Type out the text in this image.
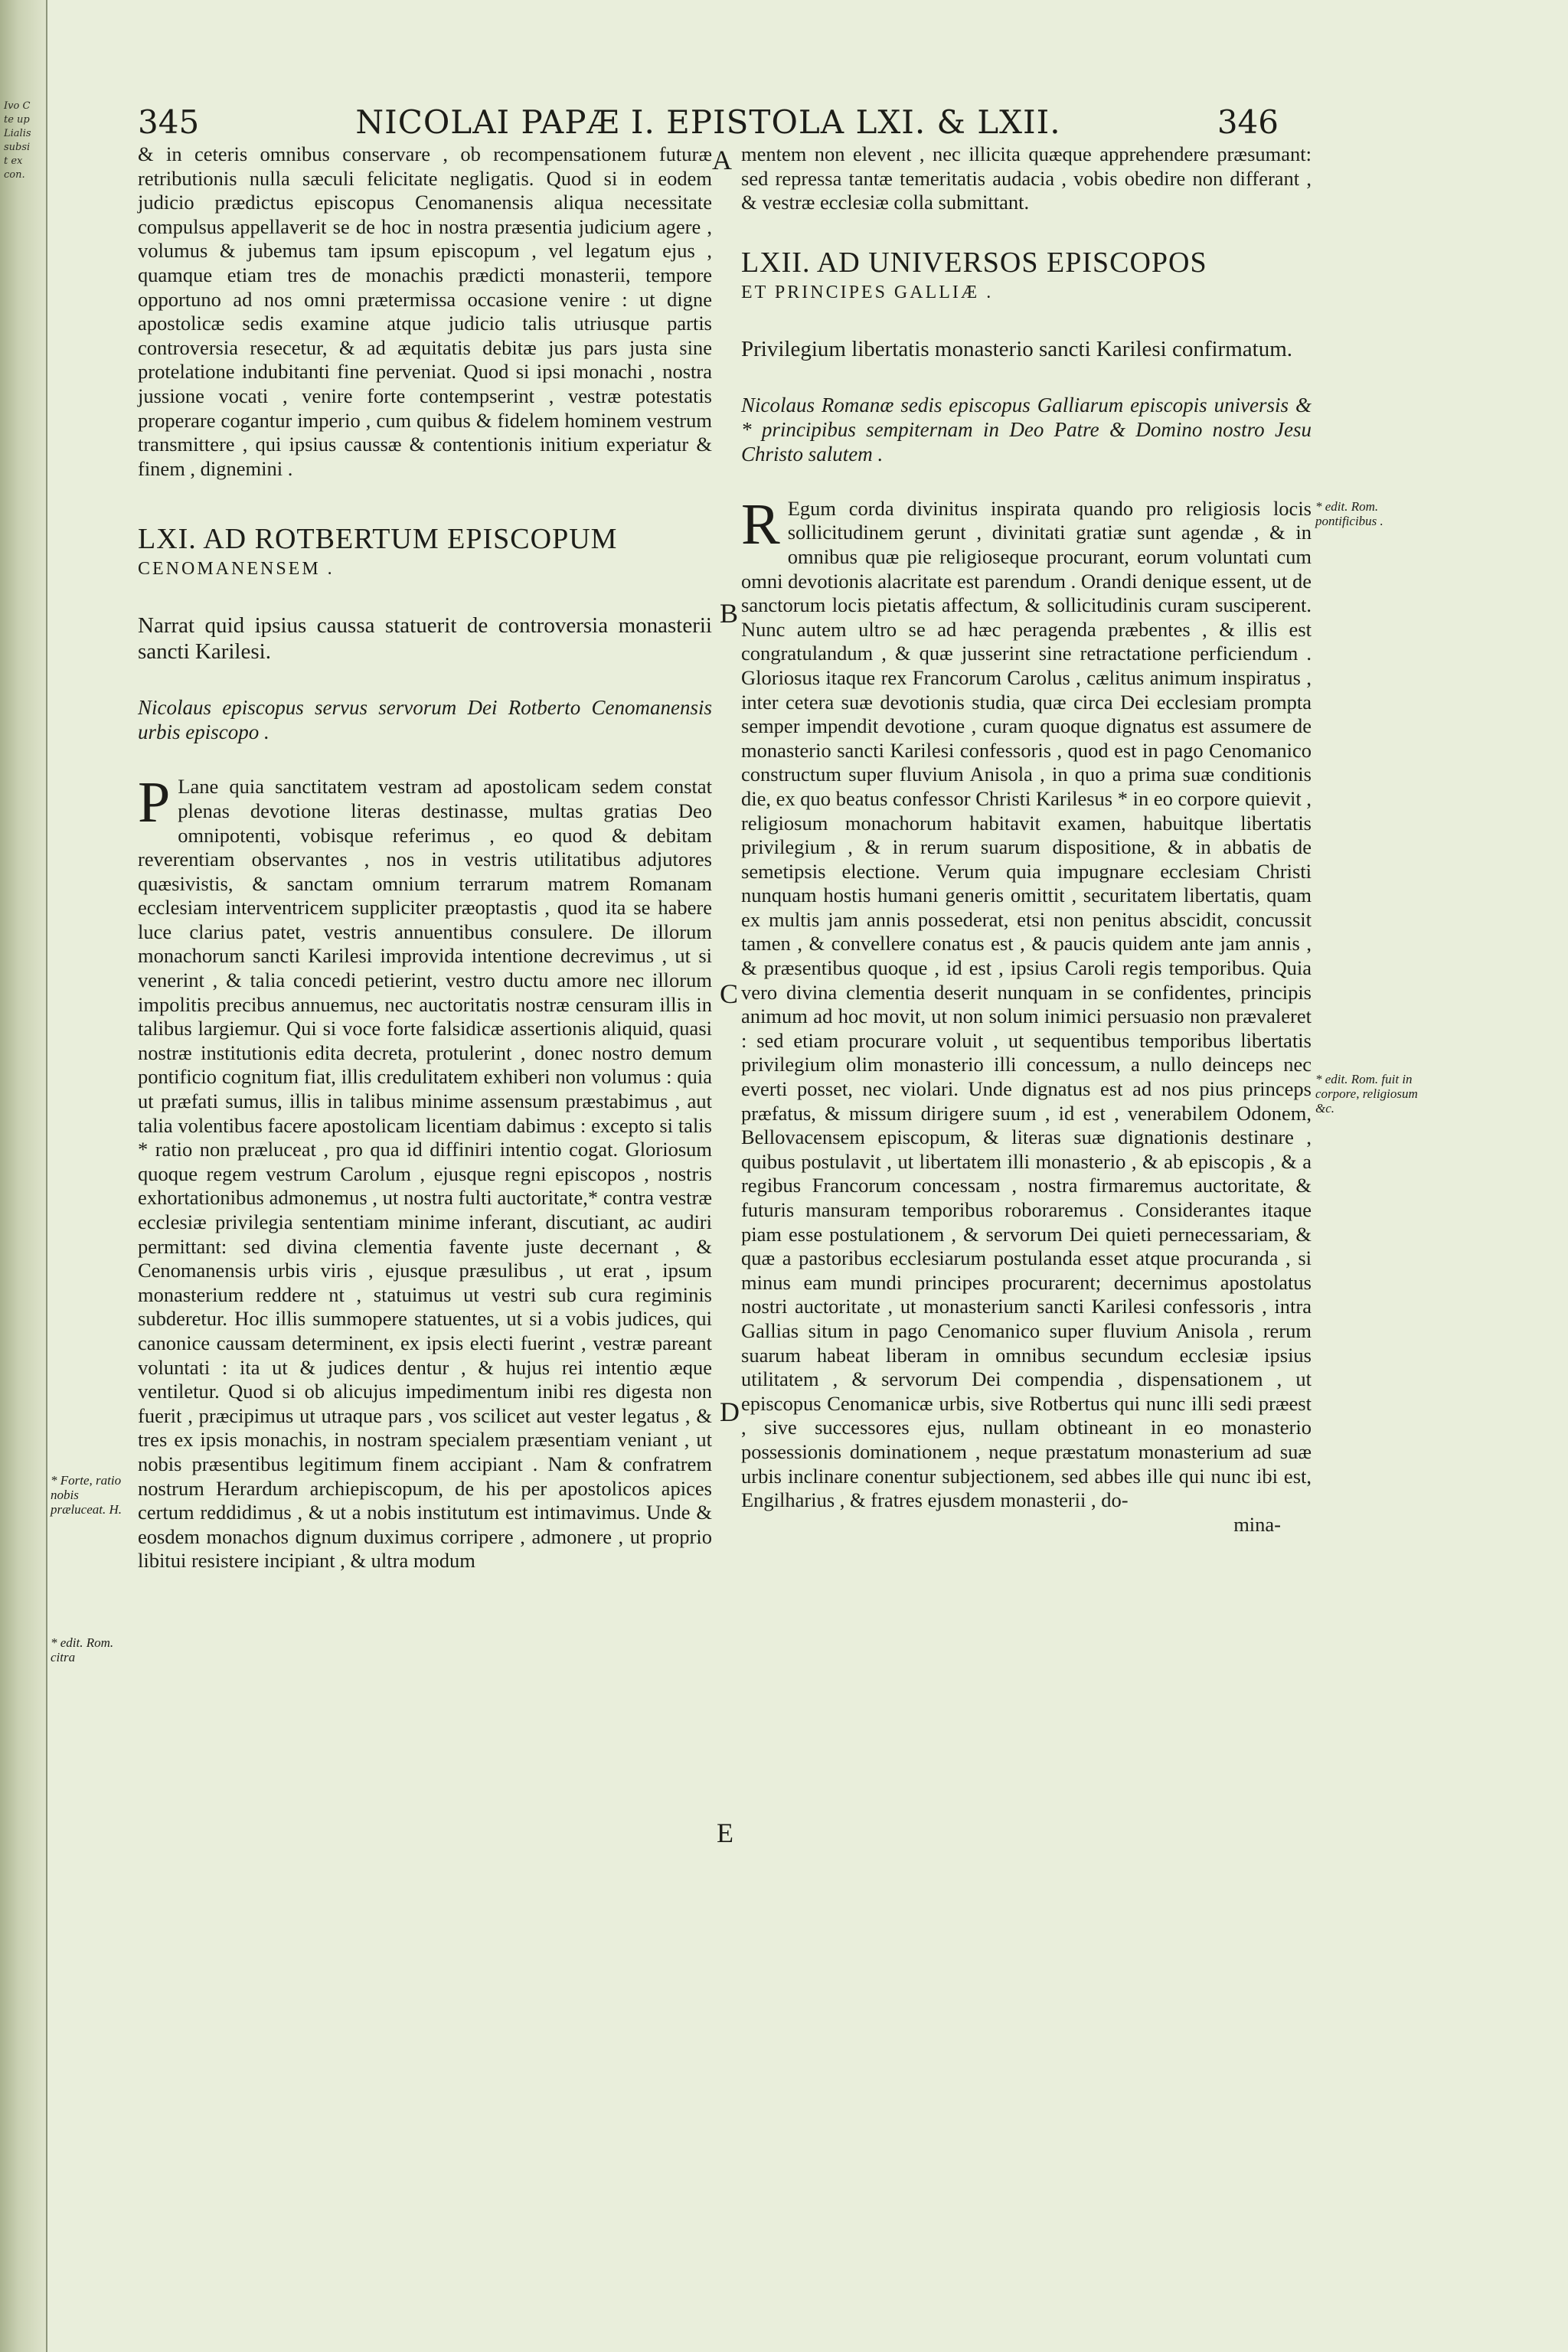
Ivo C
te up
Lialis
subsi
t ex
con.
345	NICOLAI PAPÆ I. EPISTOLA LXI. & LXII.	346

& in ceteris omnibus conservare , ob recompensationem futuræ retributionis nulla sæculi felicitate negligatis. Quod si in eodem judicio prædictus episcopus Cenomanensis aliqua necessitate compulsus appellaverit se de hoc in nostra præsentia judicium agere , volumus & jubemus tam ipsum episcopum , vel legatum ejus , quamque etiam tres de monachis prædicti monasterii, tempore opportuno ad nos omni prætermissa occasione venire : ut digne apostolicæ sedis examine atque judicio talis utriusque partis controversia resecetur, & ad æquitatis debitæ jus pars justa sine protelatione indubitanti fine perveniat. Quod si ipsi monachi , nostra jussione vocati , venire forte contempserint , vestræ potestatis properare cogantur imperio , cum quibus & fidelem hominem vestrum transmittere , qui ipsius caussæ & contentionis initium experiatur & finem , dignemini .

LXI. AD ROTBERTUM EPISCOPUM

CENOMANENSEM .

Narrat quid ipsius caussa statuerit de controversia monasterii sancti Karilesi.

Nicolaus episcopus servus servorum Dei Rotberto Cenomanensis urbis episcopo .

P Lane quia sanctitatem vestram ad apostolicam sedem constat plenas devotione literas destinasse, multas gratias Deo omnipotenti, vobisque referimus , eo quod & debitam reverentiam observantes , nos in vestris utilitatibus adjutores quæsivistis, & sanctam omnium terrarum matrem Romanam ecclesiam interventricem suppliciter præoptastis , quod ita se habere luce clarius patet, vestris annuentibus consulere. De illorum monachorum sancti Karilesi improvida intentione decrevimus , ut si venerint , & talia concedi petierint, vestro ductu amore nec illorum impolitis precibus annuemus, nec auctoritatis nostræ censuram illis in talibus largiemur. Qui si voce forte falsidicæ assertionis aliquid, quasi nostræ institutionis edita decreta, protulerint , donec nostro demum pontificio cognitum fiat, illis credulitatem exhiberi non volumus : quia ut præfati sumus, illis in talibus minime assensum præstabimus , aut talia volentibus facere apostolicam licentiam dabimus : excepto si talis * ratio non præluceat , pro qua id diffiniri intentio cogat. Gloriosum quoque regem vestrum Carolum , ejusque regni episcopos , nostris exhortationibus admonemus , ut nostra fulti auctoritate,* contra vestræ ecclesiæ privilegia sententiam minime inferant, discutiant, ac audiri permittant: sed divina clementia favente juste decernant , & Cenomanensis urbis viris , ejusque præsulibus , ut erat , ipsum monasterium reddere nt , statuimus ut vestri sub cura regiminis subderetur. Hoc illis summopere statuentes, ut si a vobis judices, qui canonice caussam determinent, ex ipsis electi fuerint , vestræ pareant voluntati : ita ut & judices dentur , & hujus rei intentio æque ventiletur. Quod si ob alicujus impedimentum inibi res digesta non fuerit , præcipimus ut utraque pars , vos scilicet aut vester legatus , & tres ex ipsis monachis, in nostram specialem præsentiam veniant , ut nobis præsentibus legitimum finem accipiant . Nam & confratrem nostrum Herardum archiepiscopum, de his per apostolicos apices certum reddidimus , & ut a nobis institutum est intimavimus. Unde & eosdem monachos dignum duximus corripere , admonere , ut proprio libitui resistere incipiant , & ultra modum

mentem non elevent , nec illicita quæque apprehendere præsumant: sed repressa tantæ temeritatis audacia , vobis obedire non differant , & vestræ ecclesiæ colla submittant.

LXII. AD UNIVERSOS EPISCOPOS

ET PRINCIPES GALLIÆ .

Privilegium libertatis monasterio sancti Karilesi confirmatum.

Nicolaus Romanæ sedis episcopus Galliarum episcopis universis & * principibus sempiternam in Deo Patre & Domino nostro Jesu Christo salutem .

R Egum corda divinitus inspirata quando pro religiosis locis sollicitudinem gerunt , divinitati gratiæ sunt agendæ , & in omnibus quæ pie religioseque procurant, eorum voluntati cum omni devotionis alacritate est parendum . Orandi denique essent, ut de sanctorum locis pietatis affectum, & sollicitudinis curam susciperent. Nunc autem ultro se ad hæc peragenda præbentes , & illis est congratulandum , & quæ jusserint sine retractatione perficiendum . Gloriosus itaque rex Francorum Carolus , cælitus animum inspiratus , inter cetera suæ devotionis studia, quæ circa Dei ecclesiam prompta semper impendit devotione , curam quoque dignatus est assumere de monasterio sancti Karilesi confessoris , quod est in pago Cenomanico constructum super fluvium Anisola , in quo a prima suæ conditionis die, ex quo beatus confessor Christi Karilesus * in eo corpore quievit , religiosum monachorum habitavit examen, habuitque libertatis privilegium , & in rerum suarum dispositione, & in abbatis de semetipsis electione. Verum quia impugnare ecclesiam Christi nunquam hostis humani generis omittit , securitatem libertatis, quam ex multis jam annis possederat, etsi non penitus abscidit, concussit tamen , & convellere conatus est , & paucis quidem ante jam annis , & præsentibus quoque , id est , ipsius Caroli regis temporibus. Quia vero divina clementia deserit nunquam in se confidentes, principis animum ad hoc movit, ut non solum inimici persuasio non prævaleret : sed etiam procurare voluit , ut sequentibus temporibus libertatis privilegium olim monasterio illi concessum, a nullo deinceps nec everti posset, nec violari. Unde dignatus est ad nos pius princeps præfatus, & missum dirigere suum , id est , venerabilem Odonem, Bellovacensem episcopum, & literas suæ dignationis destinare , quibus postulavit , ut libertatem illi monasterio , & ab episcopis , & a regibus Francorum concessam , nostra firmaremus auctoritate, & futuris mansuram temporibus roboraremus . Considerantes itaque piam esse postulationem , & servorum Dei quieti pernecessariam, & quæ a pastoribus ecclesiarum postulanda esset atque procuranda , si minus eam mundi principes procurarent; decernimus apostolatus nostri auctoritate , ut monasterium sancti Karilesi confessoris , intra Gallias situm in pago Cenomanico super fluvium Anisola , rerum suarum habeat liberam in omnibus secundum ecclesiæ ipsius utilitatem , & servorum Dei compendia , dispensationem , ut episcopus Cenomanicæ urbis, sive Rotbertus qui nunc illi sedi præest , sive successores ejus, nullam obtineant in eo monasterio possessionis dominationem , neque præstatum monasterium ad suæ urbis inclinare conentur subjectionem, sed abbes ille qui nunc ibi est, Engilharius , & fratres ejusdem monasterii , do-

mina-

A
B
C
D
E
* edit. Rom. pontificibus .
* edit. Rom. fuit in corpore, religiosum &c.
* Forte, ratio nobis præluceat. H.
* edit. Rom. citra
